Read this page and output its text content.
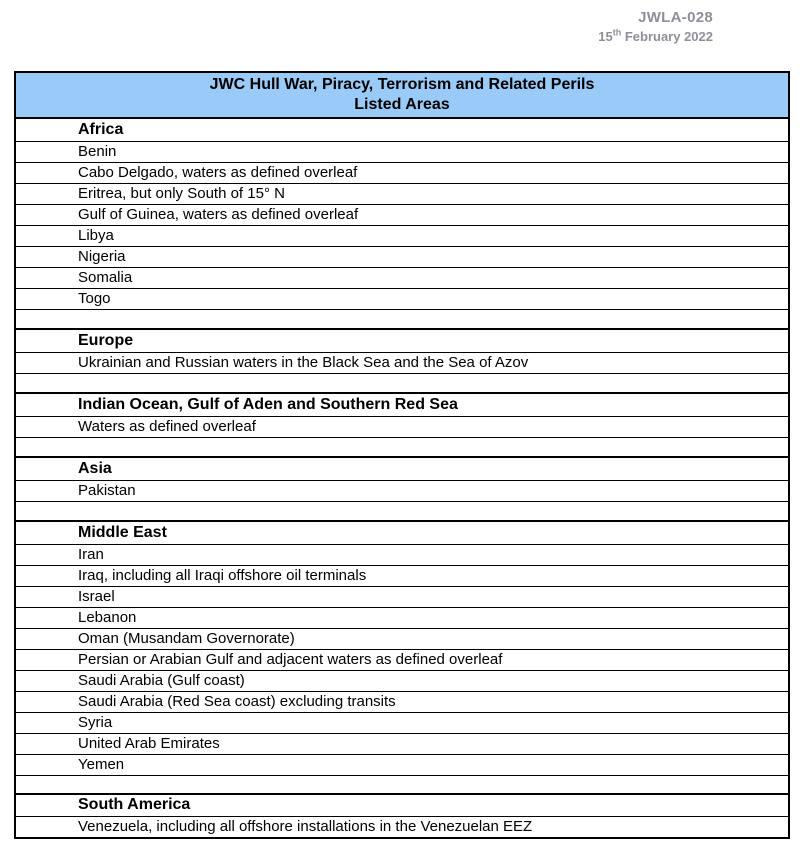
JWLA-028
15th February 2022
JWC Hull War, Piracy, Terrorism and Related Perils
Listed Areas

Africa
Benin
Cabo Delgado, waters as defined overleaf
Eritrea, but only South of 15° N
Gulf of Guinea, waters as defined overleaf
Libya
Nigeria
Somalia
Togo

Europe
Ukrainian and Russian waters in the Black Sea and the Sea of Azov

Indian Ocean, Gulf of Aden and Southern Red Sea
Waters as defined overleaf

Asia
Pakistan

Middle East
Iran
Iraq, including all Iraqi offshore oil terminals
Israel
Lebanon
Oman (Musandam Governorate)
Persian or Arabian Gulf and adjacent waters as defined overleaf
Saudi Arabia (Gulf coast)
Saudi Arabia (Red Sea coast) excluding transits
Syria
United Arab Emirates
Yemen

South America
Venezuela, including all offshore installations in the Venezuelan EEZ
